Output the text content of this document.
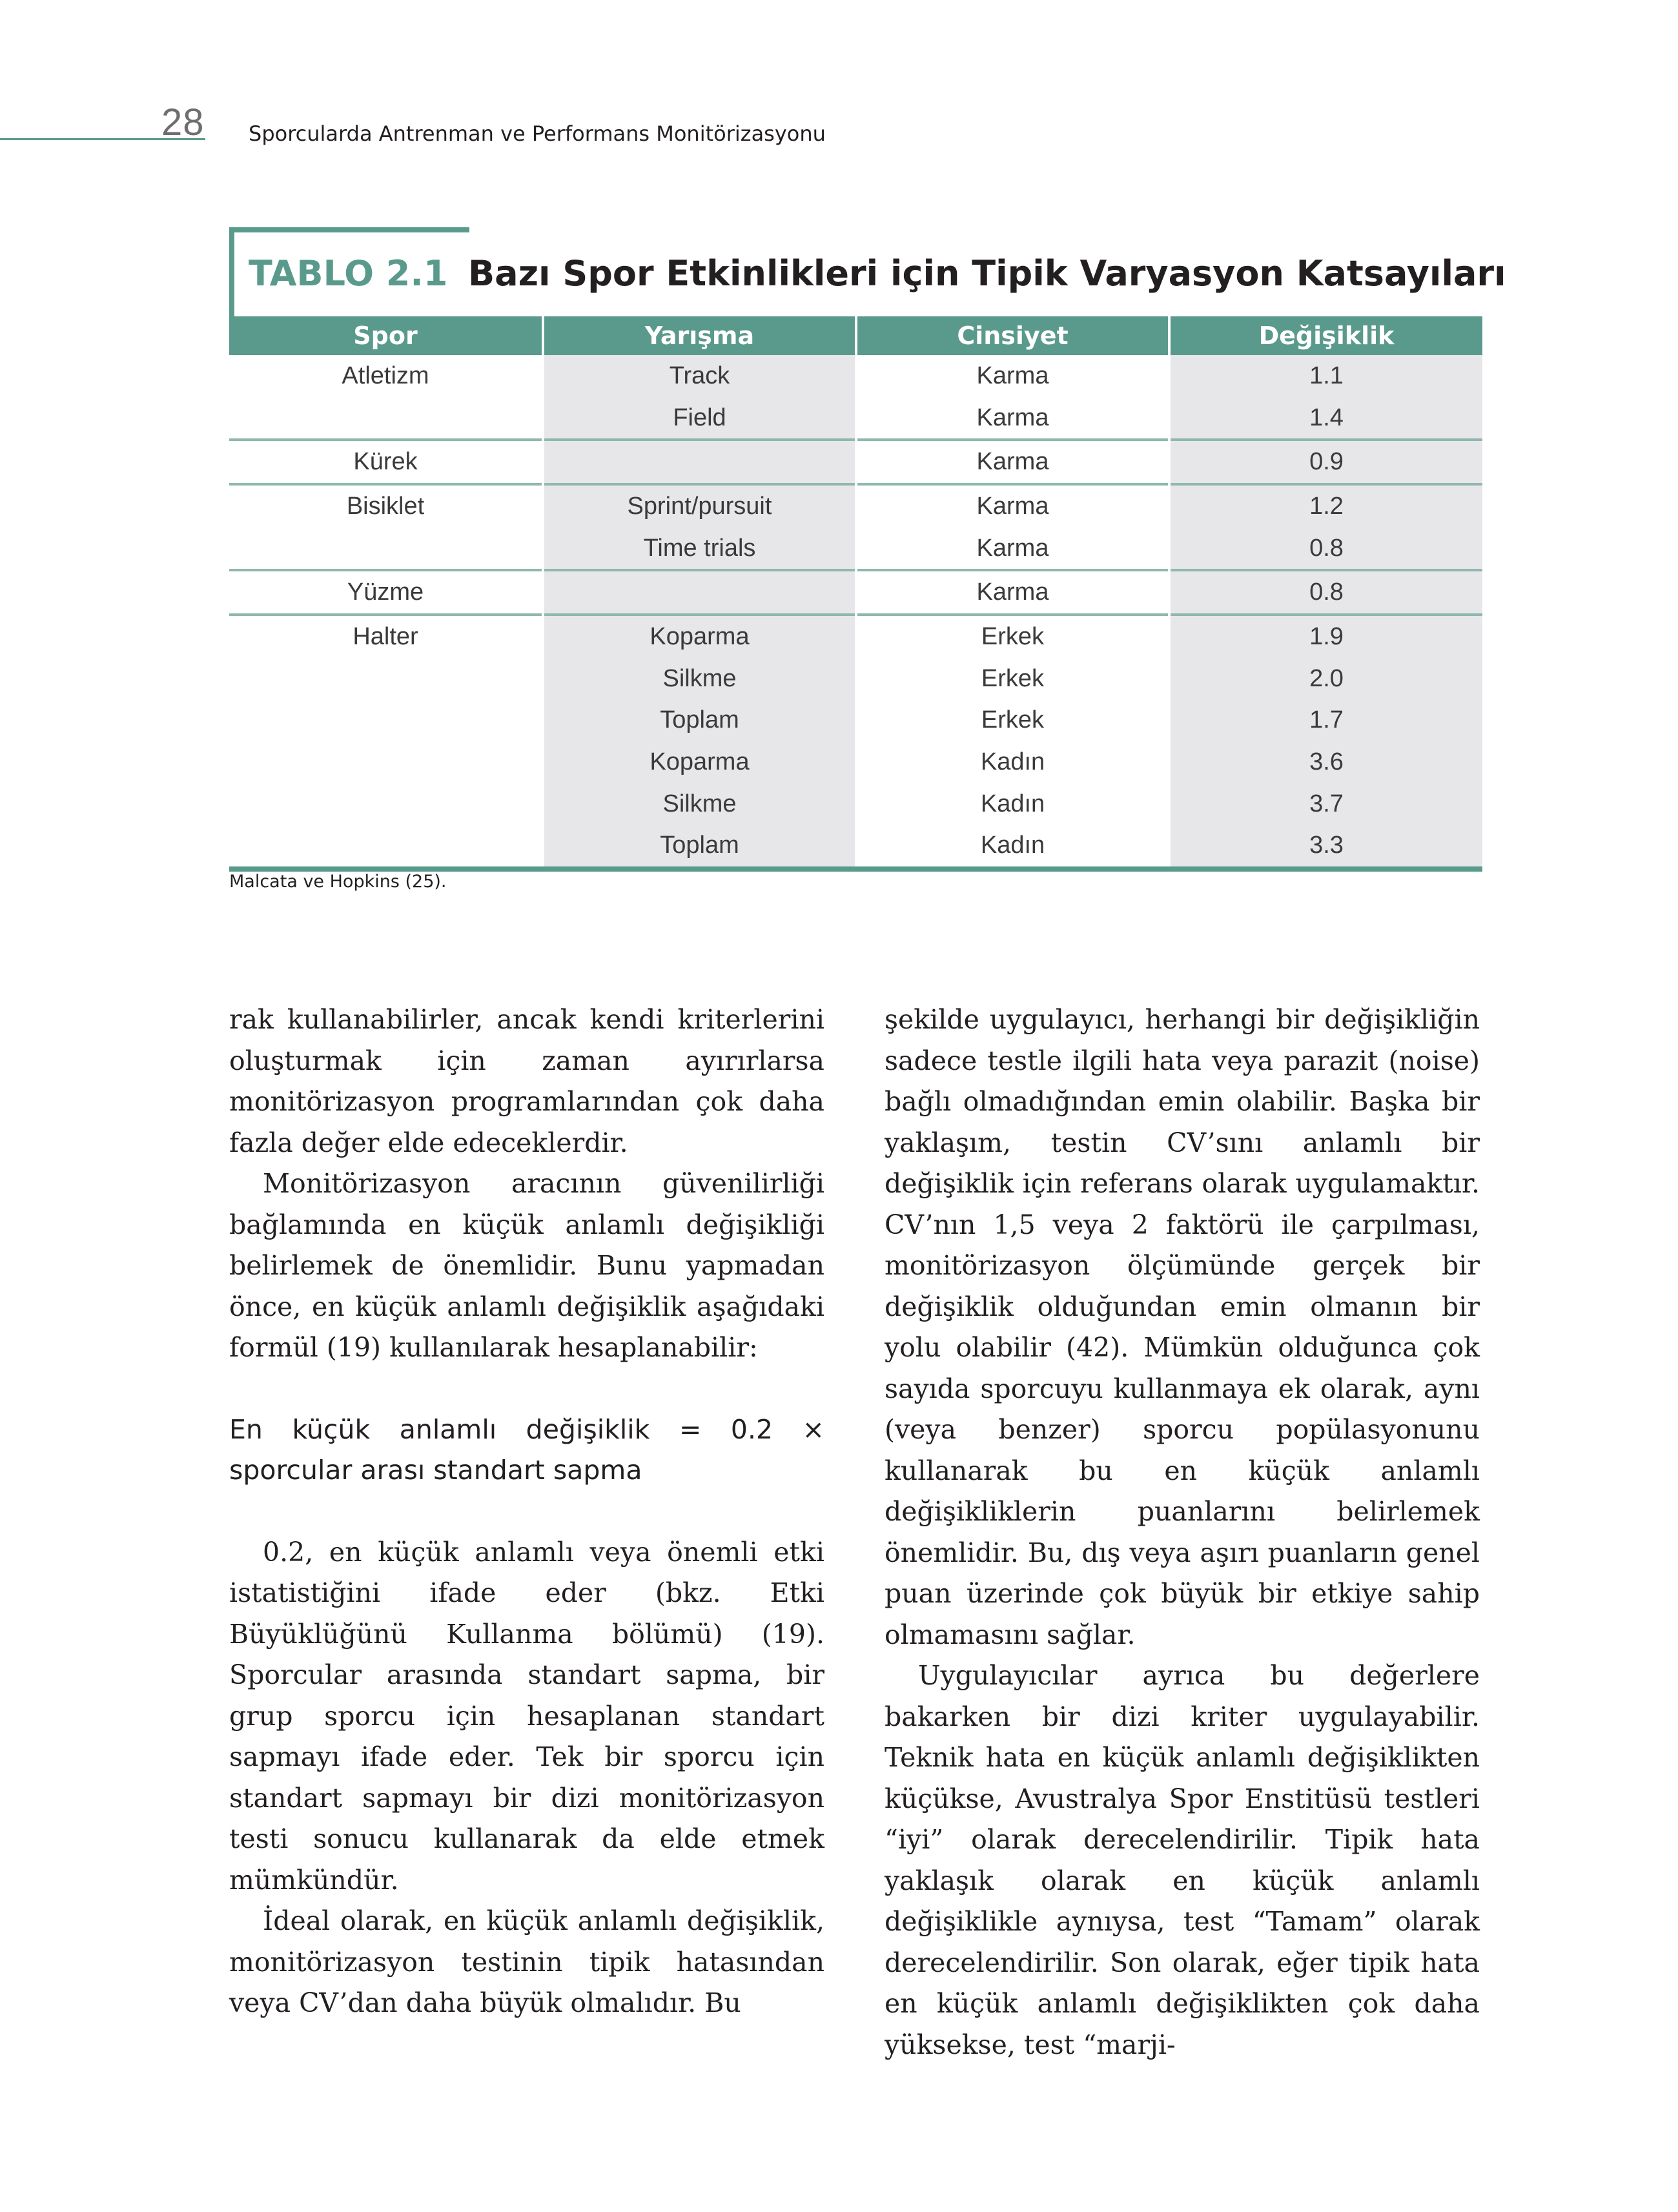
28 Sporcularda Antrenman ve Performans Monitörizasyonu
TABLO 2.1 Bazı Spor Etkinlikleri için Tipik Varyasyon Katsayıları
Spor	Yarışma	Cinsiyet	Değişiklik
Atletizm	Track	Karma	1.1
	Field	Karma	1.4
Kürek		Karma	0.9
Bisiklet	Sprint/pursuit	Karma	1.2
	Time trials	Karma	0.8
Yüzme		Karma	0.8
Halter	Koparma	Erkek	1.9
	Silkme	Erkek	2.0
	Toplam	Erkek	1.7
	Koparma	Kadın	3.6
	Silkme	Kadın	3.7
	Toplam	Kadın	3.3
Malcata ve Hopkins (25).

rak kullanabilirler, ancak kendi kriterlerini oluşturmak için zaman ayırırlarsa monitörizasyon programlarından çok daha fazla değer elde edeceklerdir.

Monitörizasyon aracının güvenilirliği bağlamında en küçük anlamlı değişikliği belirlemek de önemlidir. Bunu yapmadan önce, en küçük anlamlı değişiklik aşağıdaki formül (19) kullanılarak hesaplanabilir:

En küçük anlamlı değişiklik = 0.2 × sporcular arası standart sapma

0.2, en küçük anlamlı veya önemli etki istatistiğini ifade eder (bkz. Etki Büyüklüğünü Kullanma bölümü) (19). Sporcular arasında standart sapma, bir grup sporcu için hesaplanan standart sapmayı ifade eder. Tek bir sporcu için standart sapmayı bir dizi monitörizasyon testi sonucu kullanarak da elde etmek mümkündür.

İdeal olarak, en küçük anlamlı değişiklik, monitörizasyon testinin tipik hatasından veya CV’dan daha büyük olmalıdır. Bu

şekilde uygulayıcı, herhangi bir değişikliğin sadece testle ilgili hata veya parazit (noise) bağlı olmadığından emin olabilir. Başka bir yaklaşım, testin CV’sını anlamlı bir değişiklik için referans olarak uygulamaktır. CV’nın 1,5 veya 2 faktörü ile çarpılması, monitörizasyon ölçümünde gerçek bir değişiklik olduğundan emin olmanın bir yolu olabilir (42). Mümkün olduğunca çok sayıda sporcuyu kullanmaya ek olarak, aynı (veya benzer) sporcu popülasyonunu kullanarak bu en küçük anlamlı değişikliklerin puanlarını belirlemek önemlidir. Bu, dış veya aşırı puanların genel puan üzerinde çok büyük bir etkiye sahip olmamasını sağlar.

Uygulayıcılar ayrıca bu değerlere bakarken bir dizi kriter uygulayabilir. Teknik hata en küçük anlamlı değişiklikten küçükse, Avustralya Spor Enstitüsü testleri “iyi” olarak derecelendirilir. Tipik hata yaklaşık olarak en küçük anlamlı değişiklikle aynıysa, test “Tamam” olarak derecelendirilir. Son olarak, eğer tipik hata en küçük anlamlı değişiklikten çok daha yüksekse, test “marji-
